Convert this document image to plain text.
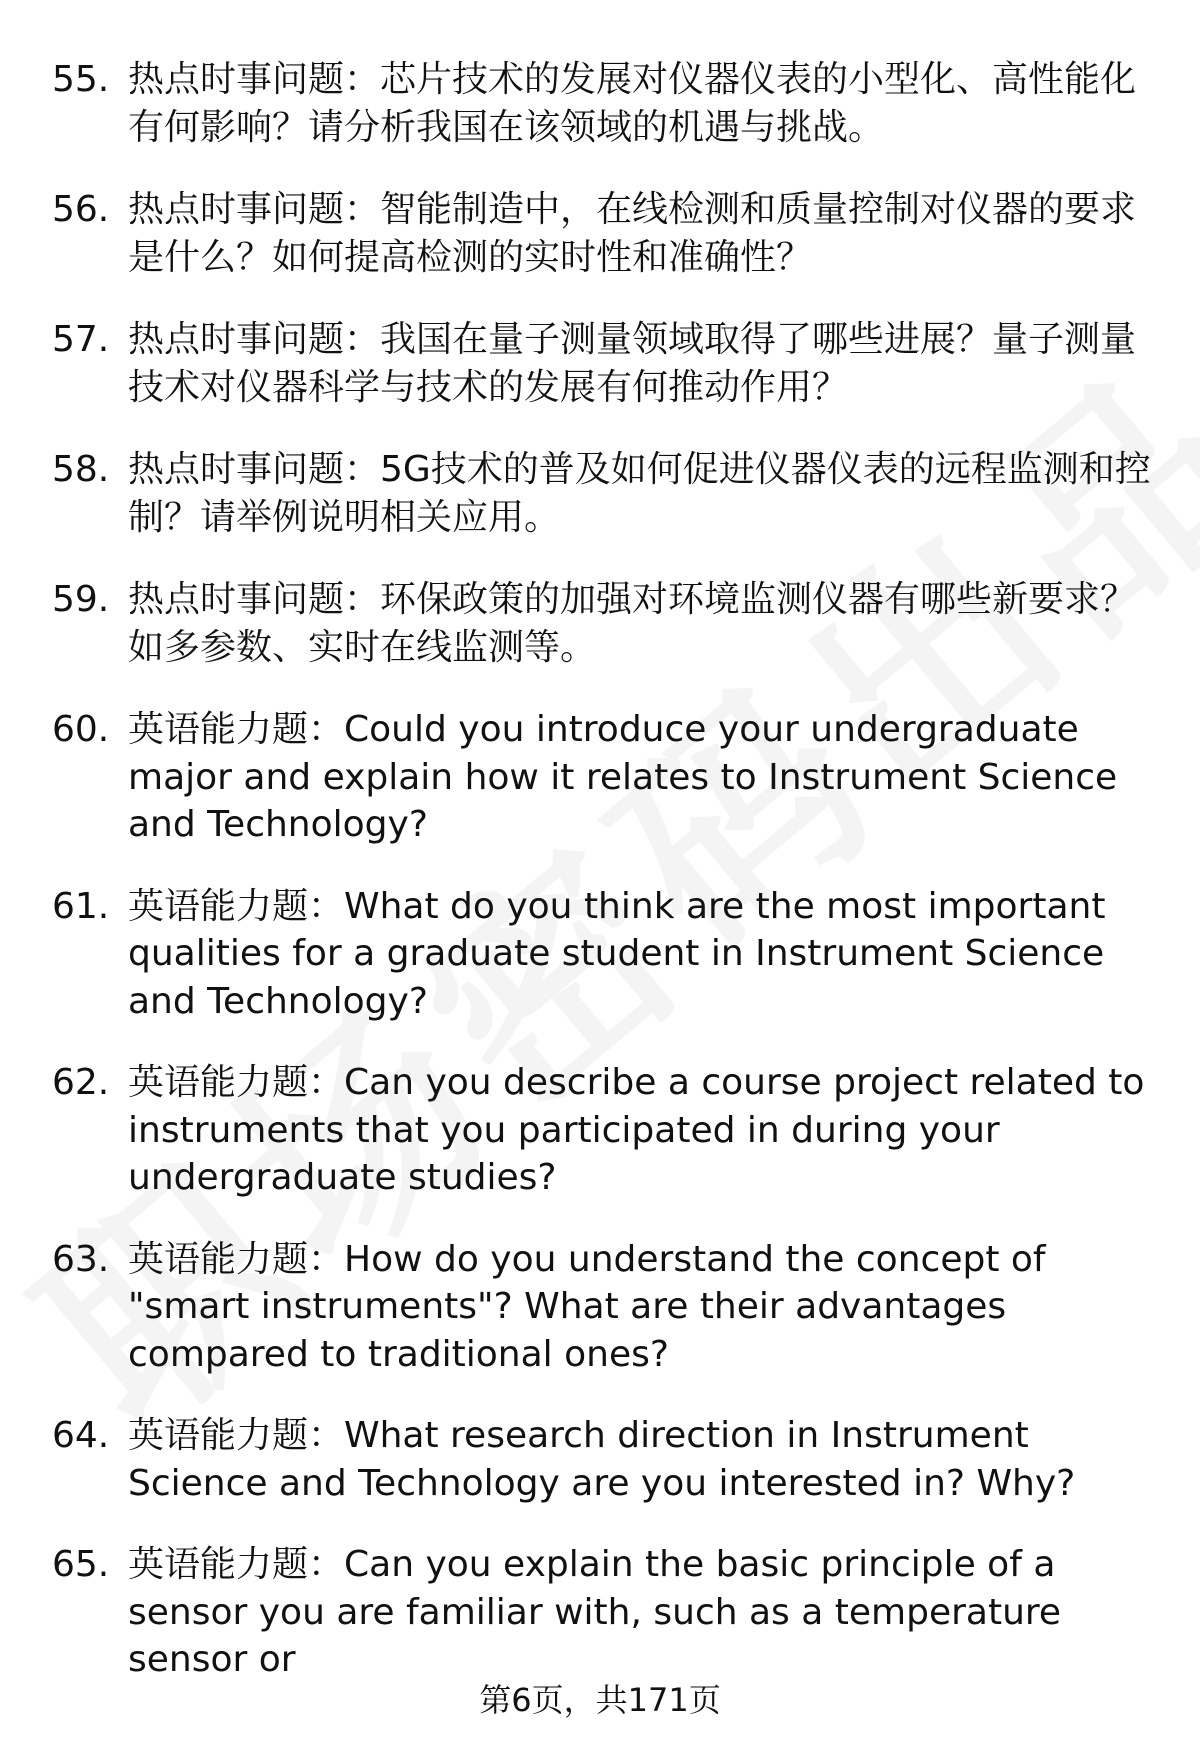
55. 热点时事问题：芯片技术的发展对仪器仪表的小型化、高性能化有何影响？请分析我国在该领域的机遇与挑战。
56. 热点时事问题：智能制造中，在线检测和质量控制对仪器的要求是什么？如何提高检测的实时性和准确性？
57. 热点时事问题：我国在量子测量领域取得了哪些进展？量子测量技术对仪器科学与技术的发展有何推动作用？
58. 热点时事问题：5G技术的普及如何促进仪器仪表的远程监测和控制？请举例说明相关应用。
59. 热点时事问题：环保政策的加强对环境监测仪器有哪些新要求？如多参数、实时在线监测等。
60. 英语能力题：Could you introduce your undergraduate major and explain how it relates to Instrument Science and Technology?
61. 英语能力题：What do you think are the most important qualities for a graduate student in Instrument Science and Technology?
62. 英语能力题：Can you describe a course project related to instruments that you participated in during your undergraduate studies?
63. 英语能力题：How do you understand the concept of "smart instruments"? What are their advantages compared to traditional ones?
64. 英语能力题：What research direction in Instrument Science and Technology are you interested in? Why?
65. 英语能力题：Can you explain the basic principle of a sensor you are familiar with, such as a temperature sensor or
第6页，共171页
